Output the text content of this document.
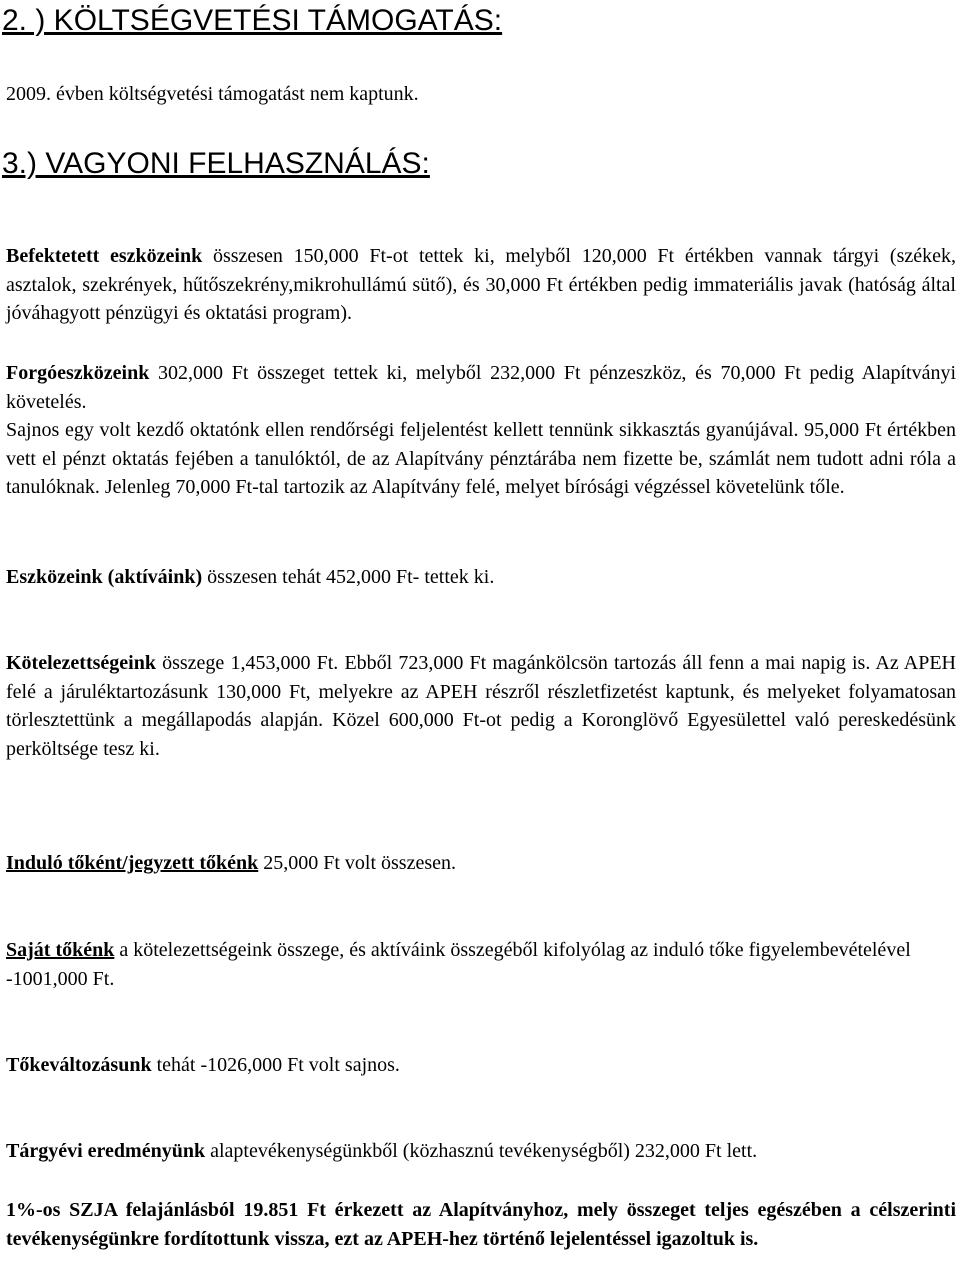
2. ) KÖLTSÉGVETÉSI TÁMOGATÁS:

2009. évben költségvetési támogatást nem kaptunk.

3.) VAGYONI FELHASZNÁLÁS:

Befektetett eszközeink összesen 150,000 Ft-ot tettek ki, melyből 120,000 Ft értékben vannak tárgyi (székek, asztalok, szekrények, hűtőszekrény,mikrohullámú sütő), és 30,000 Ft értékben pedig immateriális javak (hatóság által jóváhagyott pénzügyi és oktatási program).

Forgóeszközeink 302,000 Ft összeget tettek ki, melyből 232,000 Ft pénzeszköz, és 70,000 Ft pedig Alapítványi követelés.

Sajnos egy volt kezdő oktatónk ellen rendőrségi feljelentést kellett tennünk sikkasztás gyanújával. 95,000 Ft értékben vett el pénzt oktatás fejében a tanulóktól, de az Alapítvány pénztárába nem fizette be, számlát nem tudott adni róla a tanulóknak. Jelenleg 70,000 Ft-tal tartozik az Alapítvány felé, melyet bírósági végzéssel követelünk tőle.

Eszközeink (aktíváink) összesen tehát 452,000 Ft- tettek ki.

Kötelezettségeink összege 1,453,000 Ft. Ebből 723,000 Ft magánkölcsön tartozás áll fenn a mai napig is. Az APEH felé a járuléktartozásunk 130,000 Ft, melyekre az APEH részről részletfizetést kaptunk, és melyeket folyamatosan törlesztettünk a megállapodás alapján. Közel 600,000 Ft-ot pedig a Koronglövő Egyesülettel való pereskedésünk perköltsége tesz ki.

Induló tőként/jegyzett tőkénk 25,000 Ft volt összesen.

Saját tőkénk a kötelezettségeink összege, és aktíváink összegéből kifolyólag az induló tőke figyelembevételével -1001,000 Ft.

Tőkeváltozásunk tehát -1026,000 Ft volt sajnos.

Tárgyévi eredményünk alaptevékenységünkből (közhasznú tevékenységből) 232,000 Ft lett.

1%-os SZJA felajánlásból 19.851 Ft érkezett az Alapítványhoz, mely összeget teljes egészében a célszerinti tevékenységünkre fordítottunk vissza, ezt az APEH-hez történő lejelentéssel igazoltuk is.
